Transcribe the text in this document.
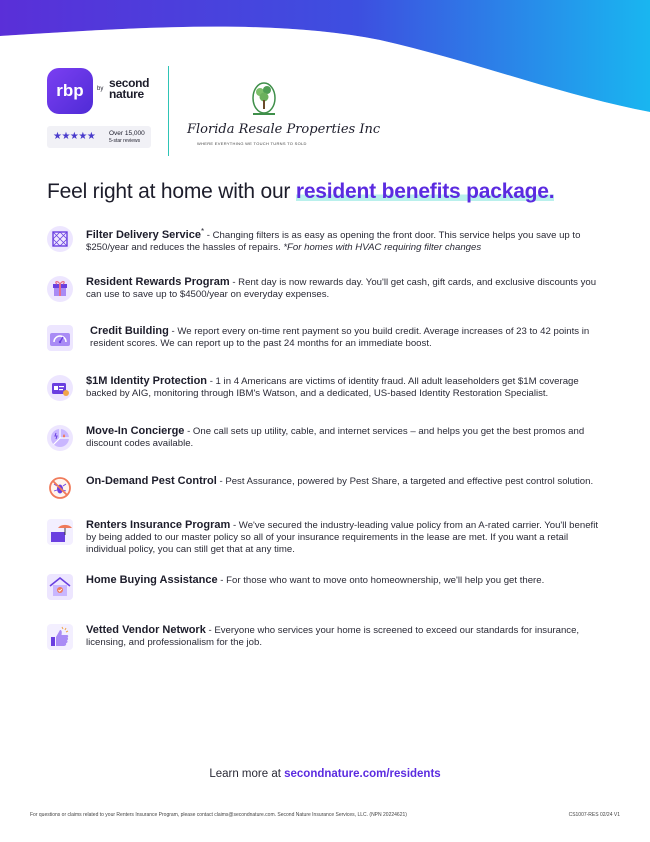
rbp	by second nature
★★★★★ Over 15,000
5-star reviews
Florida Resale Properties Inc
WHERE EVERYTHING WE TOUCH TURNS TO SOLD
Feel right at home with our resident benefits package.
Filter Delivery Service* - Changing filters is as easy as opening the front door. This service helps you save up to $250/year and reduces the hassles of repairs. *For homes with HVAC requiring filter changes
Resident Rewards Program - Rent day is now rewards day. You'll get cash, gift cards, and exclusive discounts you can use to save up to $4500/year on everyday expenses.
Credit Building - We report every on-time rent payment so you build credit. Average increases of 23 to 42 points in resident scores. We can report up to the past 24 months for an immediate boost.
$1M Identity Protection - 1 in 4 Americans are victims of identity fraud. All adult leaseholders get $1M coverage backed by AIG, monitoring through IBM's Watson, and a dedicated, US-based Identity Restoration Specialist.
Move-In Concierge - One call sets up utility, cable, and internet services – and helps you get the best promos and discount codes available.
On-Demand Pest Control - Pest Assurance, powered by Pest Share, a targeted and effective pest control solution.
Renters Insurance Program - We've secured the industry-leading value policy from an A-rated carrier. You'll benefit by being added to our master policy so all of your insurance requirements in the lease are met. If you want a retail individual policy, you can still get that at any time.
Home Buying Assistance - For those who want to move onto homeownership, we'll help you get there.
Vetted Vendor Network - Everyone who services your home is screened to exceed our standards for insurance, licensing, and professionalism for the job.
Learn more at secondnature.com/residents
For questions or claims related to your Renters Insurance Program, please contact claims@secondnature.com. Second Nature Insurance Services, LLC. (NPN 20224621)	CS1007-RES 02/24 V1
